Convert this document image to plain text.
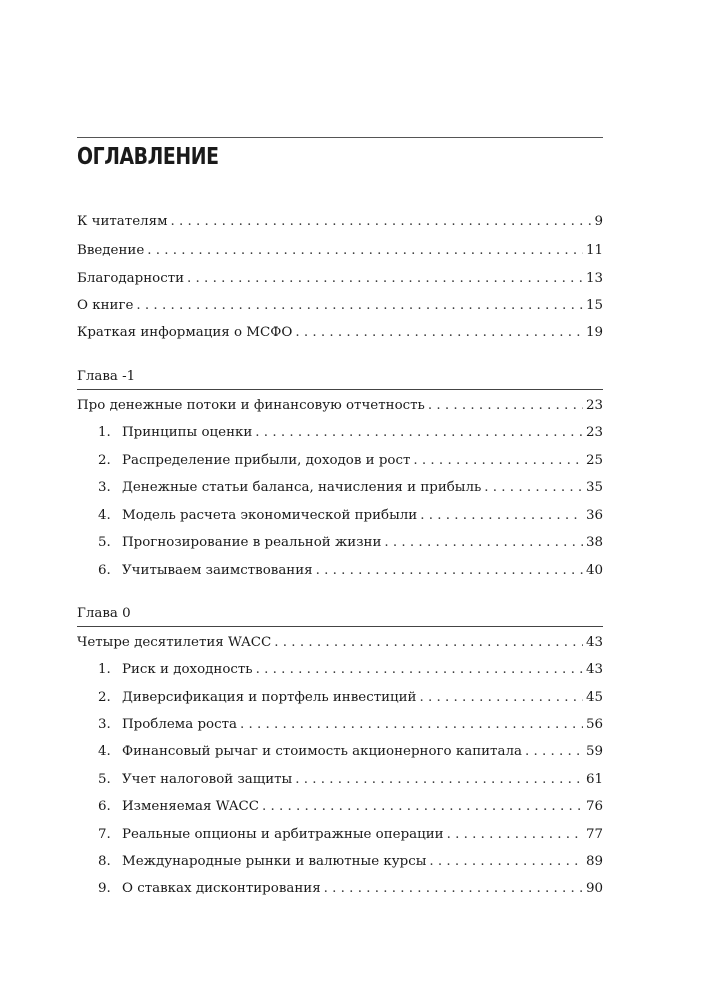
ОГЛАВЛЕНИЕ
К читателям . . .	9
Введение . . .	11
Благодарности . . .	13
О книге . . .	15
Краткая информация о МСФО . . .	19
Глава -1
Про денежные потоки и финансовую отчетность . . .	23
1. Принципы оценки . . .	23
2. Распределение прибыли, доходов и рост . . .	25
3. Денежные статьи баланса, начисления и прибыль . . .	35
4. Модель расчета экономической прибыли . . .	36
5. Прогнозирование в реальной жизни . . .	38
6. Учитываем заимствования . . .	40
Глава 0
Четыре десятилетия WACC . . .	43
1. Риск и доходность . . .	43
2. Диверсификация и портфель инвестиций . . .	45
3. Проблема роста . . .	56
4. Финансовый рычаг и стоимость акционерного капитала . . .	59
5. Учет налоговой защиты . . .	61
6. Изменяемая WACC . . .	76
7. Реальные опционы и арбитражные операции . . .	77
8. Международные рынки и валютные курсы . . .	89
9. О ставках дисконтирования . . .	90
